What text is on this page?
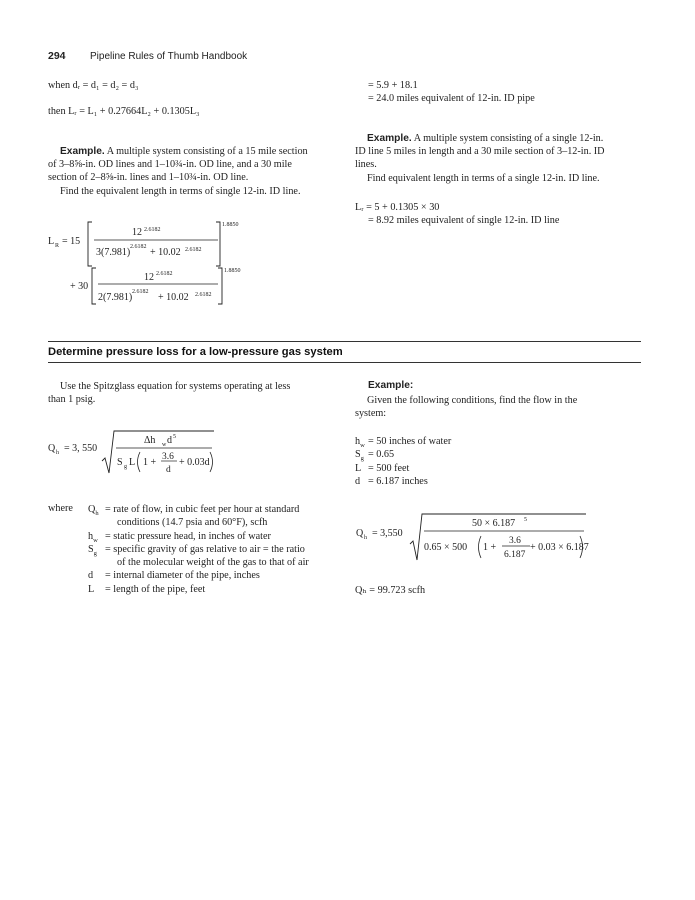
294 Pipeline Rules of Thumb Handbook
when dᵣ = d₁ = d₂ = d₃
then Lᵣ = L₁ + 0.27664L₂ + 0.1305L₃
Example. A multiple system consisting of a 15 mile section
of 3–8⅝-in. OD lines and 1–10¾-in. OD line, and a 30 mile
section of 2–8⅝-in. lines and 1–10¾-in. OD line.
Find the equivalent length in terms of single 12-in. ID line.
L R = 15
12 2.6182
3(7.981) 2.6182 + 10.02 2.6182
1.8850
+ 30
12 2.6182
2(7.981) 2.6182 + 10.02 2.6182
1.8850
= 5.9 + 18.1
= 24.0 miles equivalent of 12-in. ID pipe
Example. A multiple system consisting of a single 12-in.
ID line 5 miles in length and a 30 mile section of 3–12-in. ID
lines.
Find equivalent length in terms of a single 12-in. ID line.
Lᵣ = 5 + 0.1305 × 30
= 8.92 miles equivalent of single 12-in. ID line
Determine pressure loss for a low-pressure gas system
Use the Spitzglass equation for systems operating at less
than 1 psig.
Q h = 3, 550
Δh w d 5
S g L 1 + 3.6
d
+ 0.03d
where $Q_h$ = rate of flow, in cubic feet per hour at standard
conditions (14.7 psia and 60°F), scfh
$h_w$ = static pressure head, in inches of water
$S_g$ = specific gravity of gas relative to air = the ratio
of the molecular weight of the gas to that of air
d = internal diameter of the pipe, inches
L = length of the pipe, feet
Example:
Given the following conditions, find the flow in the
system:
$h_w = 50$ inches of water
$S_g = 0.65$
L = 500 feet
d = 6.187 inches
Q h = 3,550
50 × 6.187 5
0.65 × 500 1 +
3.6
6.187
+ 0.03 × 6.187
Qₕ = 99.723 scfh
